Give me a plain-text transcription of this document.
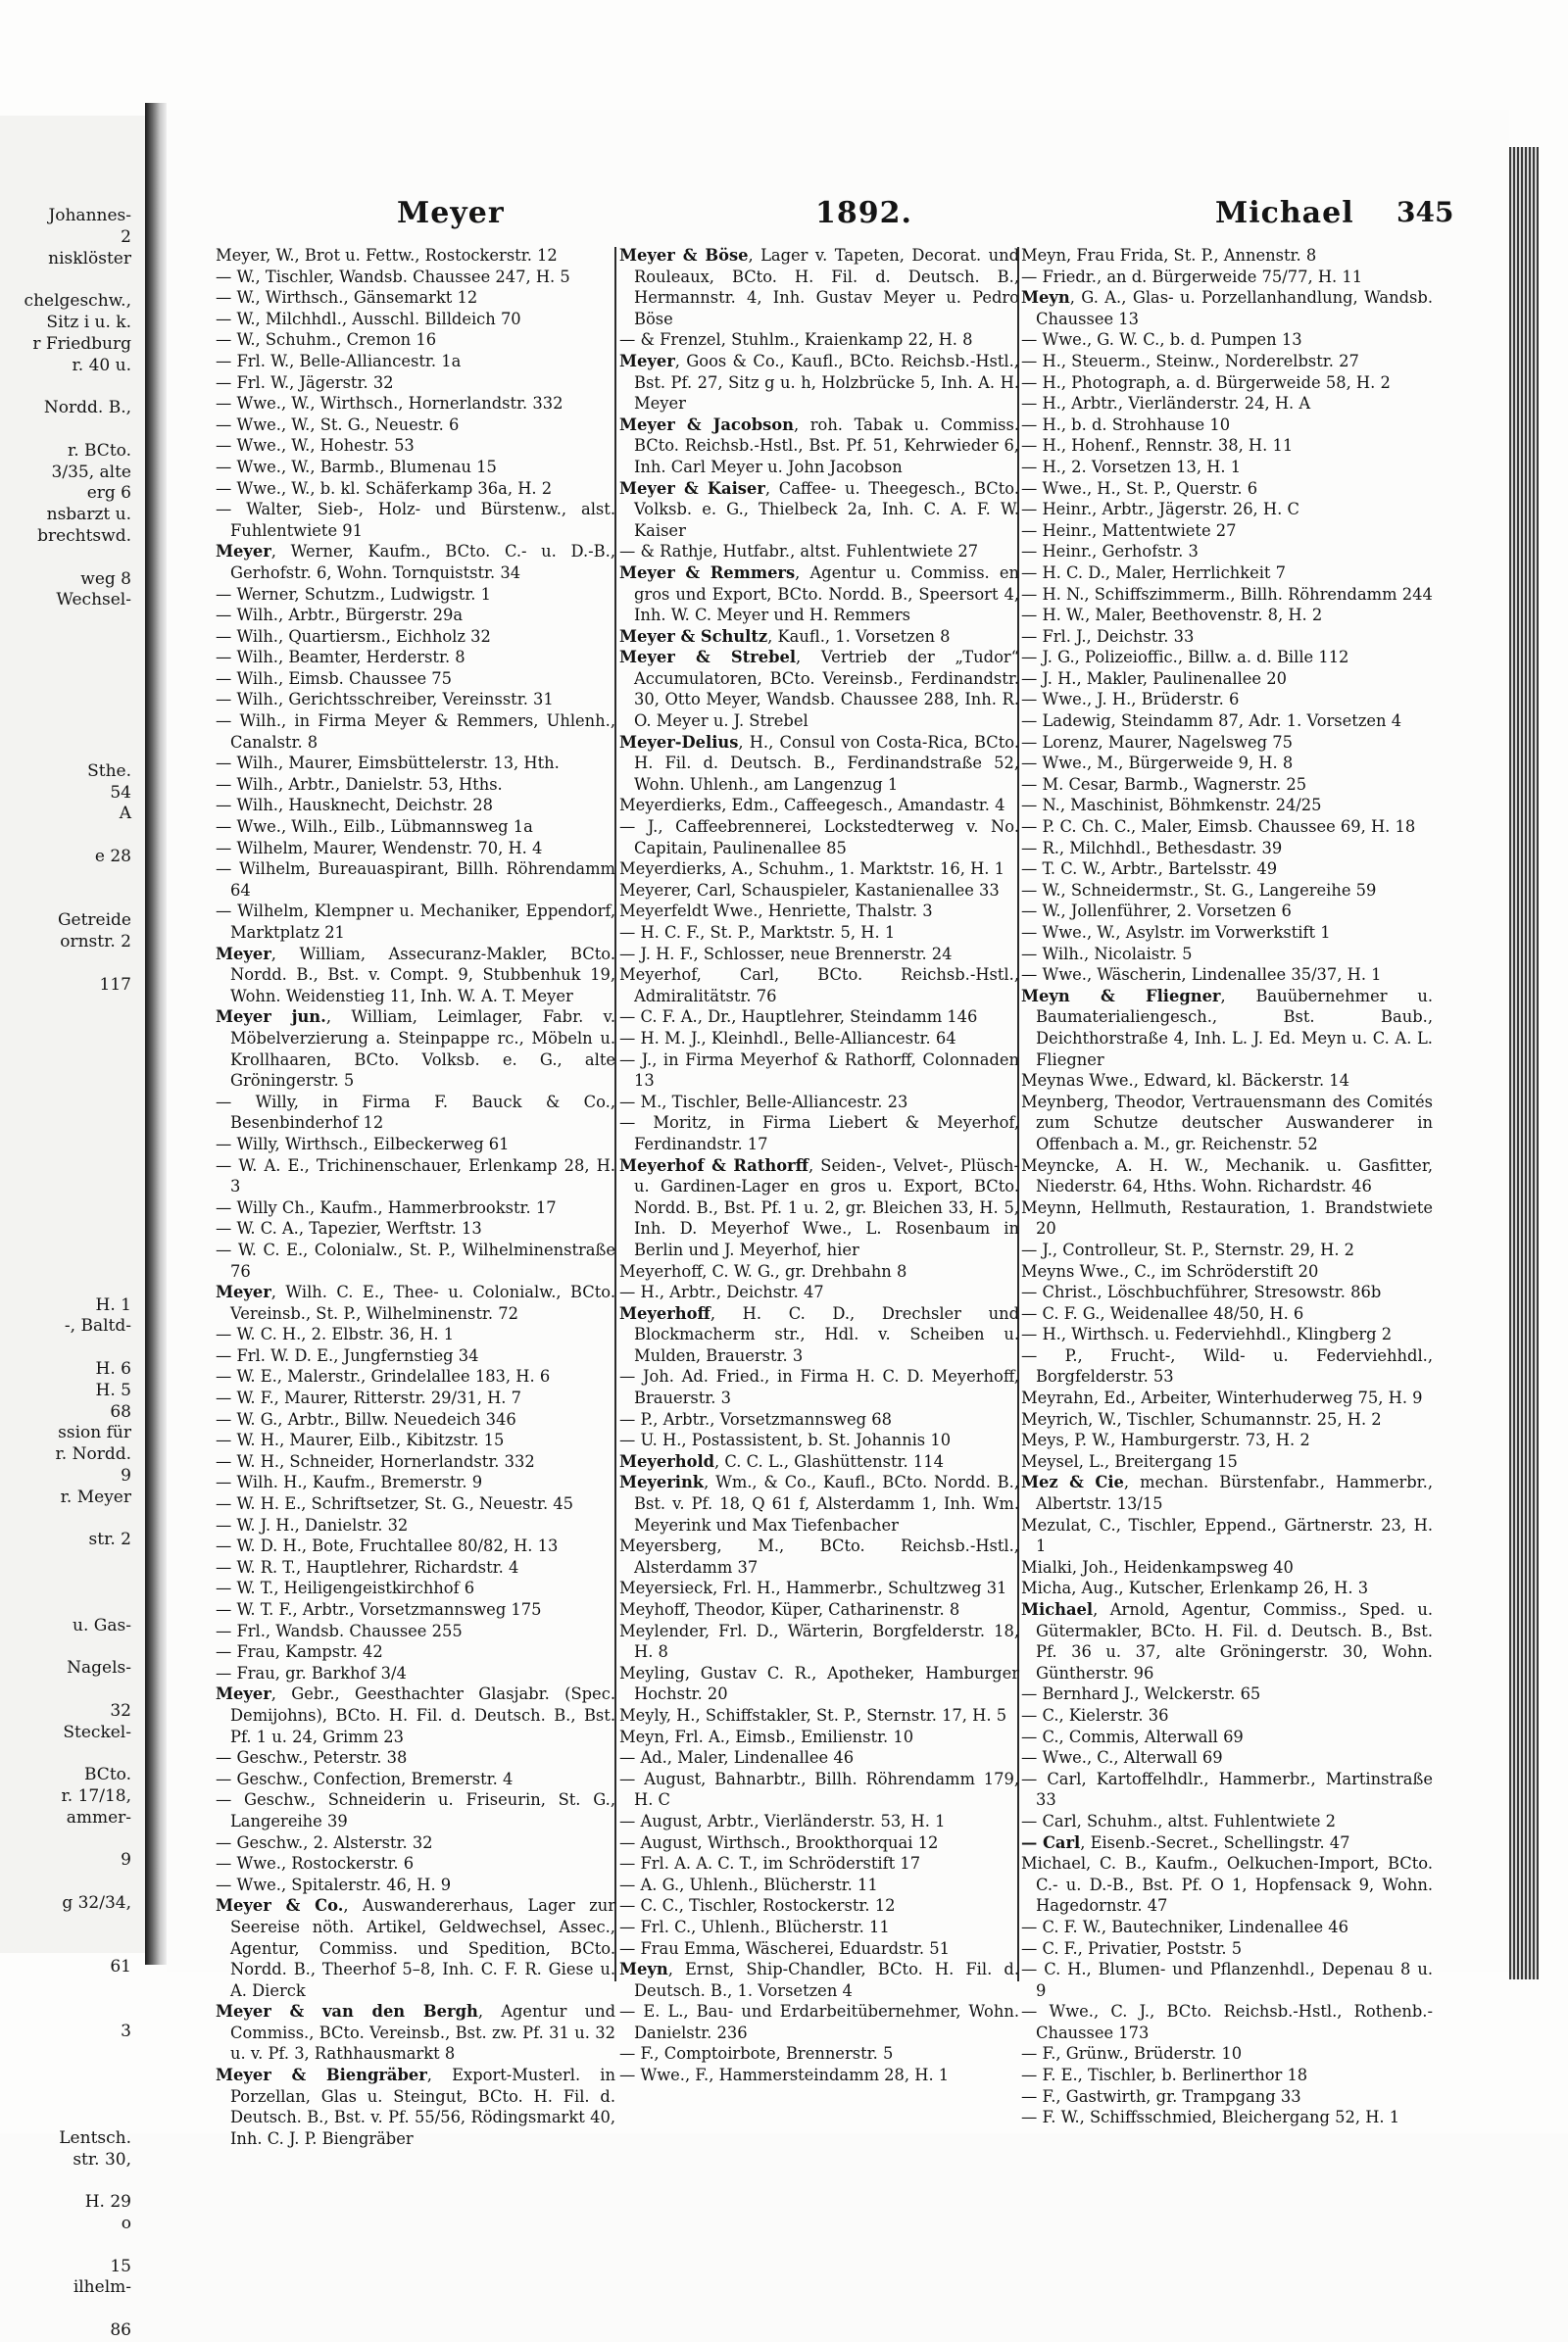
Johannes-
2
nisklöster

chelgeschw.,
Sitz i u. k.
r Friedburg
r. 40 u.

Nordd. B.,

r. BCto.
3/35, alte
erg 6
nsbarzt u.
brechtswd.

weg 8
Wechsel-

Sthe.
54
A

e 28

Getreide
ornstr. 2

117

H. 1
-, Baltd-

H. 6
H. 5
68
ssion für
r. Nordd.
9
r. Meyer

str. 2

u. Gas-

Nagels-

32
Steckel-

BCto.
r. 17/18,
ammer-

9

g 32/34,

61

3

Lentsch.
str. 30,

H. 29
o

15
ilhelm-

86
Meyer	1892.	Michael 345

Meyer, W., Brot u. Fettw., Rostockerstr. 12

— W., Tischler, Wandsb. Chaussee 247, H. 5

— W., Wirthsch., Gänsemarkt 12

— W., Milchhdl., Ausschl. Billdeich 70

— W., Schuhm., Cremon 16

— Frl. W., Belle-Alliancestr. 1a

— Frl. W., Jägerstr. 32

— Wwe., W., Wirthsch., Hornerlandstr. 332

— Wwe., W., St. G., Neuestr. 6

— Wwe., W., Hohestr. 53

— Wwe., W., Barmb., Blumenau 15

— Wwe., W., b. kl. Schäferkamp 36a, H. 2

— Walter, Sieb-, Holz- und Bürstenw., alst. Fuhlentwiete 91

Meyer, Werner, Kaufm., BCto. C.- u. D.-B., Gerhofstr. 6, Wohn. Tornquiststr. 34

— Werner, Schutzm., Ludwigstr. 1

— Wilh., Arbtr., Bürgerstr. 29a

— Wilh., Quartiersm., Eichholz 32

— Wilh., Beamter, Herderstr. 8

— Wilh., Eimsb. Chaussee 75

— Wilh., Gerichtsschreiber, Vereinsstr. 31

— Wilh., in Firma Meyer & Remmers, Uhlenh., Canalstr. 8

— Wilh., Maurer, Eimsbüttelerstr. 13, Hth.

— Wilh., Arbtr., Danielstr. 53, Hths.

— Wilh., Hausknecht, Deichstr. 28

— Wwe., Wilh., Eilb., Lübmannsweg 1a

— Wilhelm, Maurer, Wendenstr. 70, H. 4

— Wilhelm, Bureauaspirant, Billh. Röhrendamm 64

— Wilhelm, Klempner u. Mechaniker, Eppendorf, Marktplatz 21

Meyer, William, Assecuranz-Makler, BCto. Nordd. B., Bst. v. Compt. 9, Stubbenhuk 19, Wohn. Weidenstieg 11, Inh. W. A. T. Meyer

Meyer jun., William, Leimlager, Fabr. v. Möbelverzierung a. Steinpappe rc., Möbeln u. Krollhaaren, BCto. Volksb. e. G., alte Gröningerstr. 5

— Willy, in Firma F. Bauck & Co., Besenbinderhof 12

— Willy, Wirthsch., Eilbeckerweg 61

— W. A. E., Trichinenschauer, Erlenkamp 28, H. 3

— Willy Ch., Kaufm., Hammerbrookstr. 17

— W. C. A., Tapezier, Werftstr. 13

— W. C. E., Colonialw., St. P., Wilhelminenstraße 76

Meyer, Wilh. C. E., Thee- u. Colonialw., BCto. Vereinsb., St. P., Wilhelminenstr. 72

— W. C. H., 2. Elbstr. 36, H. 1

— Frl. W. D. E., Jungfernstieg 34

— W. E., Malerstr., Grindelallee 183, H. 6

— W. F., Maurer, Ritterstr. 29/31, H. 7

— W. G., Arbtr., Billw. Neuedeich 346

— W. H., Maurer, Eilb., Kibitzstr. 15

— W. H., Schneider, Hornerlandstr. 332

— Wilh. H., Kaufm., Bremerstr. 9

— W. H. E., Schriftsetzer, St. G., Neuestr. 45

— W. J. H., Danielstr. 32

— W. D. H., Bote, Fruchtallee 80/82, H. 13

— W. R. T., Hauptlehrer, Richardstr. 4

— W. T., Heiligengeistkirchhof 6

— W. T. F., Arbtr., Vorsetzmannsweg 175

— Frl., Wandsb. Chaussee 255

— Frau, Kampstr. 42

— Frau, gr. Barkhof 3/4

Meyer, Gebr., Geesthachter Glasjabr. (Spec. Demijohns), BCto. H. Fil. d. Deutsch. B., Bst. Pf. 1 u. 24, Grimm 23

— Geschw., Peterstr. 38

— Geschw., Confection, Bremerstr. 4

— Geschw., Schneiderin u. Friseurin, St. G., Langereihe 39

— Geschw., 2. Alsterstr. 32

— Wwe., Rostockerstr. 6

— Wwe., Spitalerstr. 46, H. 9

Meyer & Co., Auswandererhaus, Lager zur Seereise nöth. Artikel, Geldwechsel, Assec., Agentur, Commiss. und Spedition, BCto. Nordd. B., Theerhof 5–8, Inh. C. F. R. Giese u. A. Dierck

Meyer & van den Bergh, Agentur und Commiss., BCto. Vereinsb., Bst. zw. Pf. 31 u. 32 u. v. Pf. 3, Rathhausmarkt 8

Meyer & Biengräber, Export-Musterl. in Porzellan, Glas u. Steingut, BCto. H. Fil. d. Deutsch. B., Bst. v. Pf. 55/56, Rödingsmarkt 40, Inh. C. J. P. Biengräber

Meyer & Böse, Lager v. Tapeten, Decorat. und Rouleaux, BCto. H. Fil. d. Deutsch. B., Hermannstr. 4, Inh. Gustav Meyer u. Pedro Böse

— & Frenzel, Stuhlm., Kraienkamp 22, H. 8

Meyer, Goos & Co., Kaufl., BCto. Reichsb.-Hstl., Bst. Pf. 27, Sitz g u. h, Holzbrücke 5, Inh. A. H. Meyer

Meyer & Jacobson, roh. Tabak u. Commiss. BCto. Reichsb.-Hstl., Bst. Pf. 51, Kehrwieder 6, Inh. Carl Meyer u. John Jacobson

Meyer & Kaiser, Caffee- u. Theegesch., BCto. Volksb. e. G., Thielbeck 2a, Inh. C. A. F. W. Kaiser

— & Rathje, Hutfabr., altst. Fuhlentwiete 27

Meyer & Remmers, Agentur u. Commiss. en gros und Export, BCto. Nordd. B., Speersort 4, Inh. W. C. Meyer und H. Remmers

Meyer & Schultz, Kaufl., 1. Vorsetzen 8

Meyer & Strebel, Vertrieb der „Tudor“ Accumulatoren, BCto. Vereinsb., Ferdinandstr. 30, Otto Meyer, Wandsb. Chaussee 288, Inh. R. O. Meyer u. J. Strebel

Meyer-Delius, H., Consul von Costa-Rica, BCto. H. Fil. d. Deutsch. B., Ferdinandstraße 52, Wohn. Uhlenh., am Langenzug 1

Meyerdierks, Edm., Caffeegesch., Amandastr. 4

— J., Caffeebrennerei, Lockstedterweg v. No. Capitain, Paulinenallee 85

Meyerdierks, A., Schuhm., 1. Marktstr. 16, H. 1

Meyerer, Carl, Schauspieler, Kastanienallee 33

Meyerfeldt Wwe., Henriette, Thalstr. 3

— H. C. F., St. P., Marktstr. 5, H. 1

— J. H. F., Schlosser, neue Brennerstr. 24

Meyerhof, Carl, BCto. Reichsb.-Hstl., Admiralitätstr. 76

— C. F. A., Dr., Hauptlehrer, Steindamm 146

— H. M. J., Kleinhdl., Belle-Alliancestr. 64

— J., in Firma Meyerhof & Rathorff, Colonnaden 13

— M., Tischler, Belle-Alliancestr. 23

— Moritz, in Firma Liebert & Meyerhof, Ferdinandstr. 17

Meyerhof & Rathorff, Seiden-, Velvet-, Plüsch- u. Gardinen-Lager en gros u. Export, BCto. Nordd. B., Bst. Pf. 1 u. 2, gr. Bleichen 33, H. 5, Inh. D. Meyerhof Wwe., L. Rosenbaum in Berlin und J. Meyerhof, hier

Meyerhoff, C. W. G., gr. Drehbahn 8

— H., Arbtr., Deichstr. 47

Meyerhoff, H. C. D., Drechsler und Blockmacherm str., Hdl. v. Scheiben u. Mulden, Brauerstr. 3

— Joh. Ad. Fried., in Firma H. C. D. Meyerhoff, Brauerstr. 3

— P., Arbtr., Vorsetzmannsweg 68

— U. H., Postassistent, b. St. Johannis 10

Meyerhold, C. C. L., Glashüttenstr. 114

Meyerink, Wm., & Co., Kaufl., BCto. Nordd. B., Bst. v. Pf. 18, Q 61 f, Alsterdamm 1, Inh. Wm. Meyerink und Max Tiefenbacher

Meyersberg, M., BCto. Reichsb.-Hstl., Alsterdamm 37

Meyersieck, Frl. H., Hammerbr., Schultzweg 31

Meyhoff, Theodor, Küper, Catharinenstr. 8

Meylender, Frl. D., Wärterin, Borgfelderstr. 18, H. 8

Meyling, Gustav C. R., Apotheker, Hamburger Hochstr. 20

Meyly, H., Schiffstakler, St. P., Sternstr. 17, H. 5

Meyn, Frl. A., Eimsb., Emilienstr. 10

— Ad., Maler, Lindenallee 46

— August, Bahnarbtr., Billh. Röhrendamm 179, H. C

— August, Arbtr., Vierländerstr. 53, H. 1

— August, Wirthsch., Brookthorquai 12

— Frl. A. A. C. T., im Schröderstift 17

— A. G., Uhlenh., Blücherstr. 11

— C. C., Tischler, Rostockerstr. 12

— Frl. C., Uhlenh., Blücherstr. 11

— Frau Emma, Wäscherei, Eduardstr. 51

Meyn, Ernst, Ship-Chandler, BCto. H. Fil. d. Deutsch. B., 1. Vorsetzen 4

— E. L., Bau- und Erdarbeitübernehmer, Wohn. Danielstr. 236

— F., Comptoirbote, Brennerstr. 5

— Wwe., F., Hammersteindamm 28, H. 1

Meyn, Frau Frida, St. P., Annenstr. 8

— Friedr., an d. Bürgerweide 75/77, H. 11

Meyn, G. A., Glas- u. Porzellanhandlung, Wandsb. Chaussee 13

— Wwe., G. W. C., b. d. Pumpen 13

— H., Steuerm., Steinw., Norderelbstr. 27

— H., Photograph, a. d. Bürgerweide 58, H. 2

— H., Arbtr., Vierländerstr. 24, H. A

— H., b. d. Strohhause 10

— H., Hohenf., Rennstr. 38, H. 11

— H., 2. Vorsetzen 13, H. 1

— Wwe., H., St. P., Querstr. 6

— Heinr., Arbtr., Jägerstr. 26, H. C

— Heinr., Mattentwiete 27

— Heinr., Gerhofstr. 3

— H. C. D., Maler, Herrlichkeit 7

— H. N., Schiffszimmerm., Billh. Röhrendamm 244

— H. W., Maler, Beethovenstr. 8, H. 2

— Frl. J., Deichstr. 33

— J. G., Polizeioffic., Billw. a. d. Bille 112

— J. H., Makler, Paulinenallee 20

— Wwe., J. H., Brüderstr. 6

— Ladewig, Steindamm 87, Adr. 1. Vorsetzen 4

— Lorenz, Maurer, Nagelsweg 75

— Wwe., M., Bürgerweide 9, H. 8

— M. Cesar, Barmb., Wagnerstr. 25

— N., Maschinist, Böhmkenstr. 24/25

— P. C. Ch. C., Maler, Eimsb. Chaussee 69, H. 18

— R., Milchhdl., Bethesdastr. 39

— T. C. W., Arbtr., Bartelsstr. 49

— W., Schneidermstr., St. G., Langereihe 59

— W., Jollenführer, 2. Vorsetzen 6

— Wwe., W., Asylstr. im Vorwerkstift 1

— Wilh., Nicolaistr. 5

— Wwe., Wäscherin, Lindenallee 35/37, H. 1

Meyn & Fliegner, Bauübernehmer u. Baumaterialiengesch., Bst. Baub., Deichthorstraße 4, Inh. L. J. Ed. Meyn u. C. A. L. Fliegner

Meynas Wwe., Edward, kl. Bäckerstr. 14

Meynberg, Theodor, Vertrauensmann des Comités zum Schutze deutscher Auswanderer in Offenbach a. M., gr. Reichenstr. 52

Meyncke, A. H. W., Mechanik. u. Gasfitter, Niederstr. 64, Hths. Wohn. Richardstr. 46

Meynn, Hellmuth, Restauration, 1. Brandstwiete 20

— J., Controlleur, St. P., Sternstr. 29, H. 2

Meyns Wwe., C., im Schröderstift 20

— Christ., Löschbuchführer, Stresowstr. 86b

— C. F. G., Weidenallee 48/50, H. 6

— H., Wirthsch. u. Federviehhdl., Klingberg 2

— P., Frucht-, Wild- u. Federviehhdl., Borgfelderstr. 53

Meyrahn, Ed., Arbeiter, Winterhuderweg 75, H. 9

Meyrich, W., Tischler, Schumannstr. 25, H. 2

Meys, P. W., Hamburgerstr. 73, H. 2

Meysel, L., Breitergang 15

Mez & Cie, mechan. Bürstenfabr., Hammerbr., Albertstr. 13/15

Mezulat, C., Tischler, Eppend., Gärtnerstr. 23, H. 1

Mialki, Joh., Heidenkampsweg 40

Micha, Aug., Kutscher, Erlenkamp 26, H. 3

Michael, Arnold, Agentur, Commiss., Sped. u. Gütermakler, BCto. H. Fil. d. Deutsch. B., Bst. Pf. 36 u. 37, alte Gröningerstr. 30, Wohn. Güntherstr. 96

— Bernhard J., Welckerstr. 65

— C., Kielerstr. 36

— C., Commis, Alterwall 69

— Wwe., C., Alterwall 69

— Carl, Kartoffelhdlr., Hammerbr., Martinstraße 33

— Carl, Schuhm., altst. Fuhlentwiete 2

— Carl, Eisenb.-Secret., Schellingstr. 47

Michael, C. B., Kaufm., Oelkuchen-Import, BCto. C.- u. D.-B., Bst. Pf. O 1, Hopfensack 9, Wohn. Hagedornstr. 47

— C. F. W., Bautechniker, Lindenallee 46

— C. F., Privatier, Poststr. 5

— C. H., Blumen- und Pflanzenhdl., Depenau 8 u. 9

— Wwe., C. J., BCto. Reichsb.-Hstl., Rothenb.-Chaussee 173

— F., Grünw., Brüderstr. 10

— F. E., Tischler, b. Berlinerthor 18

— F., Gastwirth, gr. Trampgang 33

— F. W., Schiffsschmied, Bleichergang 52, H. 1
